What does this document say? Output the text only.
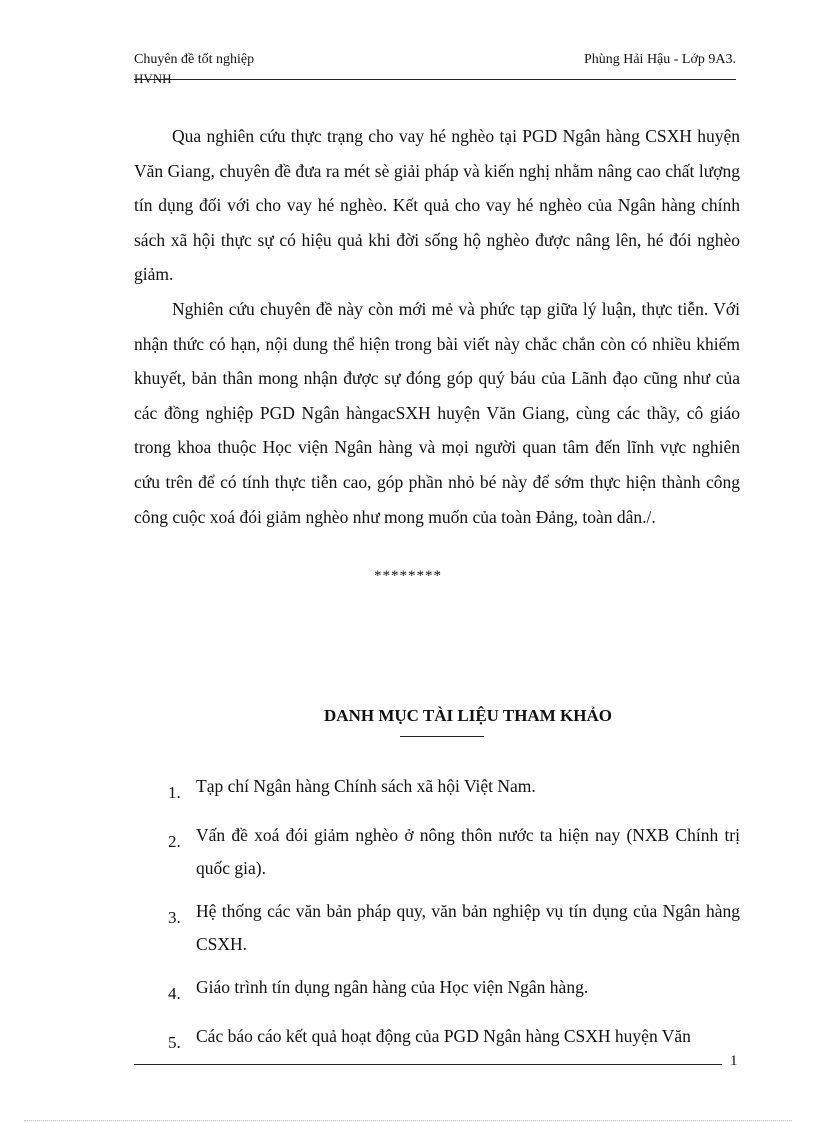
Chuyên đề tốt nghiệp	Phùng Hải Hậu - Lớp 9A3.
HVNH

Qua nghiên cứu thực trạng cho vay hé nghèo tại PGD Ngân hàng CSXH huyện Văn Giang, chuyên đề đưa ra mét sè giải pháp và kiến nghị nhằm nâng cao chất lượng tín dụng đối với cho vay hé nghèo. Kết quả cho vay hé nghèo của Ngân hàng chính sách xã hội thực sự có hiệu quả khi đời sống hộ nghèo được nâng lên, hé đói nghèo giảm.

Nghiên cứu chuyên đề này còn mới mẻ và phức tạp giữa lý luận, thực tiễn. Với nhận thức có hạn, nội dung thể hiện trong bài viết này chắc chắn còn có nhiều khiếm khuyết, bản thân mong nhận được sự đóng góp quý báu của Lãnh đạo cũng như của các đồng nghiệp PGD Ngân hàngacSXH huyện Văn Giang, cùng các thầy, cô giáo trong khoa thuộc Học viện Ngân hàng và mọi người quan tâm đến lĩnh vực nghiên cứu trên để có tính thực tiễn cao, góp phần nhỏ bé này để sớm thực hiện thành công công cuộc xoá đói giảm nghèo như mong muốn của toàn Đảng, toàn dân./.

********
DANH MỤC TÀI LIỆU THAM KHẢO
1. Tạp chí Ngân hàng Chính sách xã hội Việt Nam.
2. Vấn đề xoá đói giảm nghèo ở nông thôn nước ta hiện nay (NXB Chính trị quốc gia).
3. Hệ thống các văn bản pháp quy, văn bản nghiệp vụ tín dụng của Ngân hàng CSXH.
4. Giáo trình tín dụng ngân hàng của Học viện Ngân hàng.
5. Các báo cáo kết quả hoạt động của PGD Ngân hàng CSXH huyện Văn
1
